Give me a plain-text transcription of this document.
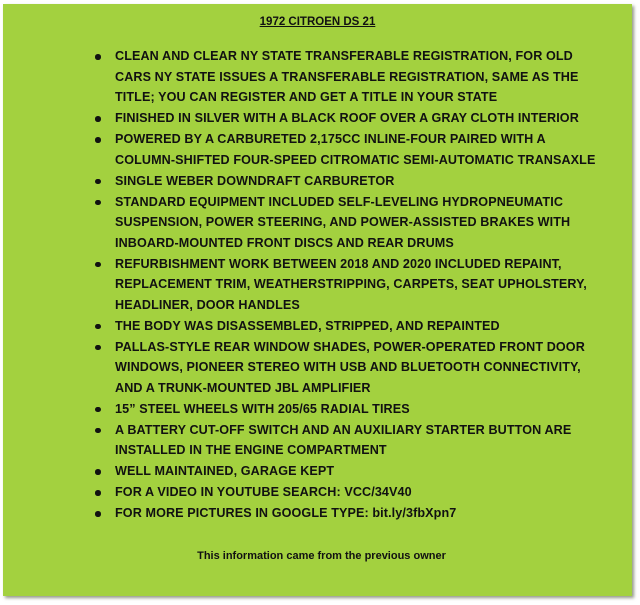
1972 CITROEN DS 21
CLEAN AND CLEAR NY STATE TRANSFERABLE REGISTRATION, FOR OLD CARS NY STATE ISSUES A TRANSFERABLE REGISTRATION, SAME AS THE TITLE; YOU CAN REGISTER AND GET A TITLE IN YOUR STATE
FINISHED IN SILVER WITH A BLACK ROOF OVER A GRAY CLOTH INTERIOR
POWERED BY A CARBURETED 2,175CC INLINE-FOUR PAIRED WITH A COLUMN-SHIFTED FOUR-SPEED CITROMATIC SEMI-AUTOMATIC TRANSAXLE
SINGLE WEBER DOWNDRAFT CARBURETOR
STANDARD EQUIPMENT INCLUDED SELF-LEVELING HYDROPNEUMATIC SUSPENSION, POWER STEERING, AND POWER-ASSISTED BRAKES WITH INBOARD-MOUNTED FRONT DISCS AND REAR DRUMS
REFURBISHMENT WORK BETWEEN 2018 AND 2020 INCLUDED REPAINT, REPLACEMENT TRIM, WEATHERSTRIPPING, CARPETS, SEAT UPHOLSTERY, HEADLINER, DOOR HANDLES
THE BODY WAS DISASSEMBLED, STRIPPED, AND REPAINTED
PALLAS-STYLE REAR WINDOW SHADES, POWER-OPERATED FRONT DOOR WINDOWS, PIONEER STEREO WITH USB AND BLUETOOTH CONNECTIVITY, AND A TRUNK-MOUNTED JBL AMPLIFIER
15” STEEL WHEELS WITH 205/65 RADIAL TIRES
A BATTERY CUT-OFF SWITCH AND AN AUXILIARY STARTER BUTTON ARE INSTALLED IN THE ENGINE COMPARTMENT
WELL MAINTAINED, GARAGE KEPT
FOR A VIDEO IN YOUTUBE SEARCH: VCC/34V40
FOR MORE PICTURES IN GOOGLE TYPE: bit.ly/3fbXpn7
This information came from the previous owner
